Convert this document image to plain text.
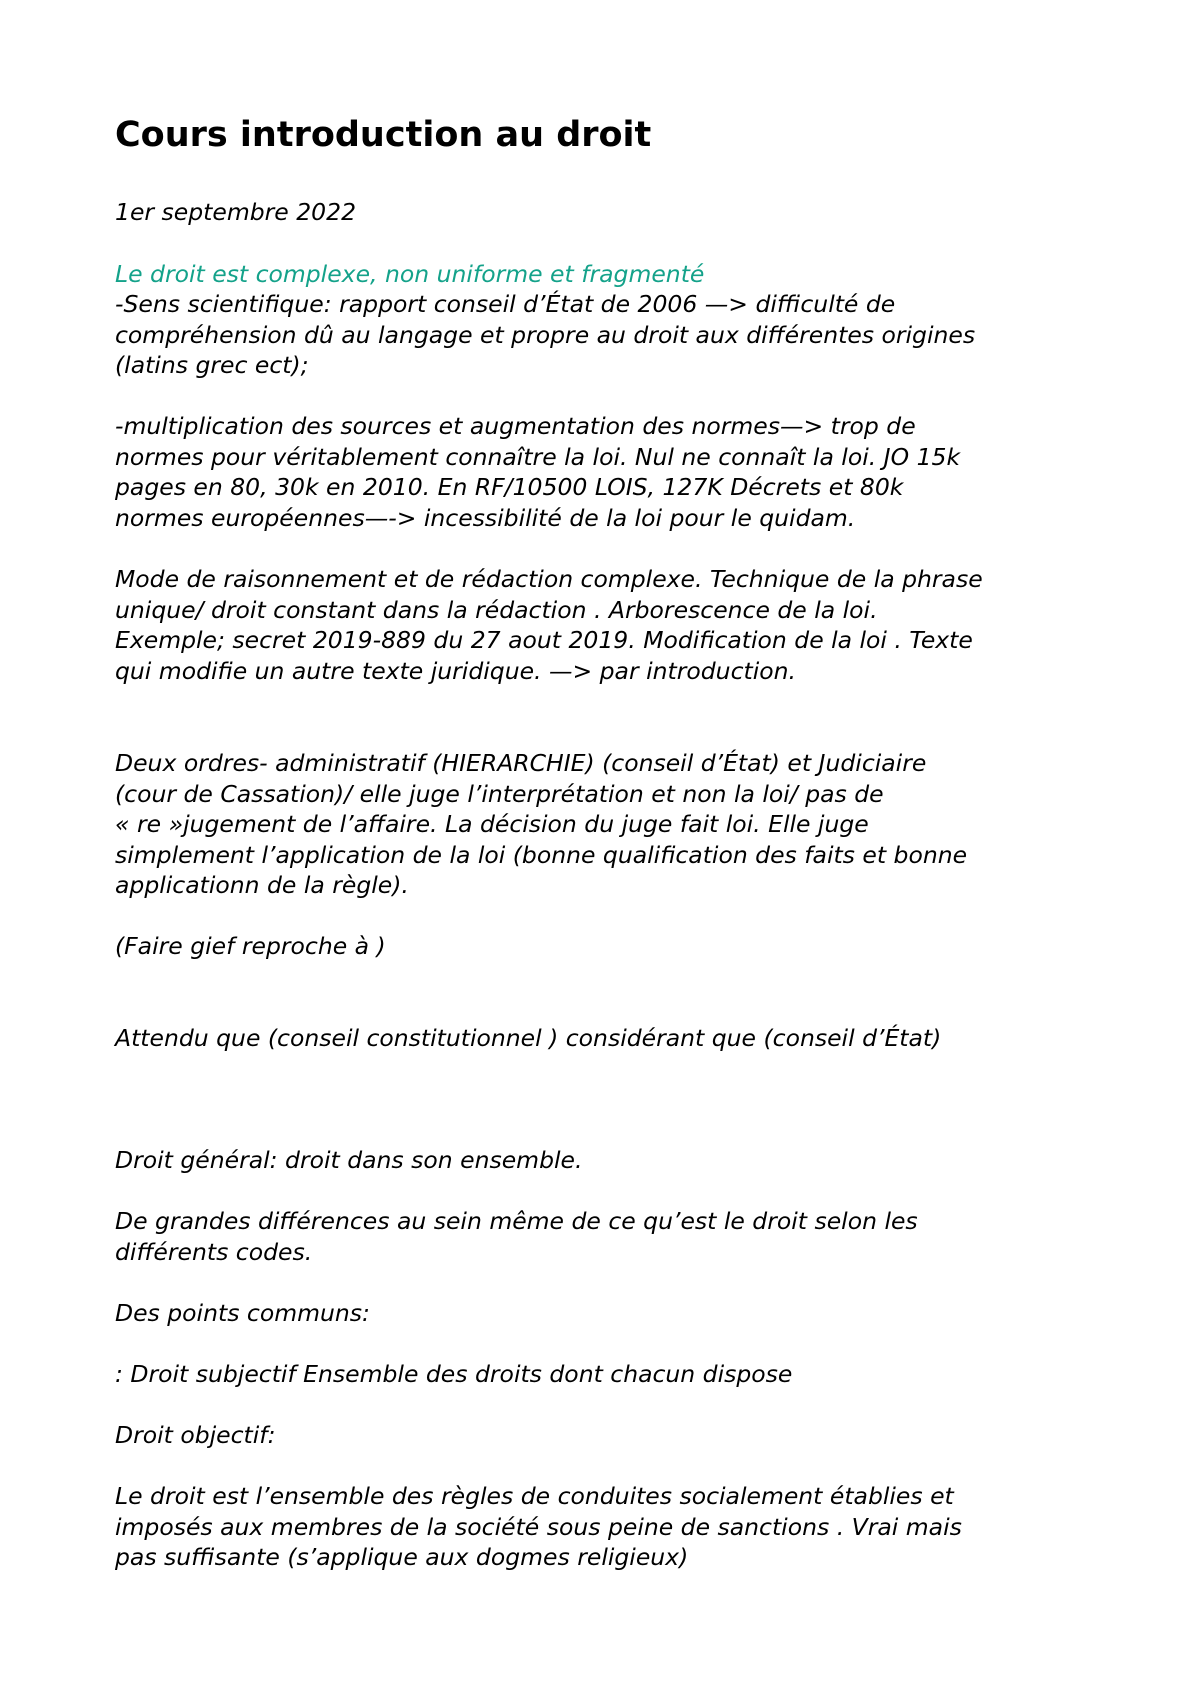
Cours introduction au droit

1er septembre 2022

Le droit est complexe, non uniforme et fragmenté

-Sens scientifique: rapport conseil d’État de 2006 —> difficulté de
compréhension dû au langage et propre au droit aux différentes origines
(latins grec ect);

-multiplication des sources et augmentation des normes—> trop de
normes pour véritablement connaître la loi. Nul ne connaît la loi. JO 15k
pages en 80, 30k en 2010. En RF/10500 LOIS, 127K Décrets et 80k
normes européennes—-> incessibilité de la loi pour le quidam.

Mode de raisonnement et de rédaction complexe. Technique de la phrase
unique/ droit constant dans la rédaction . Arborescence de la loi.
Exemple; secret 2019-889 du 27 aout 2019. Modification de la loi . Texte
qui modifie un autre texte juridique. —> par introduction.

Deux ordres- administratif (HIERARCHIE) (conseil d’État) et Judiciaire
(cour de Cassation)/ elle juge l’interprétation et non la loi/ pas de
« re »jugement de l’affaire. La décision du juge fait loi. Elle juge
simplement l’application de la loi (bonne qualification des faits et bonne
applicationn de la règle).

(Faire gief reproche à )

Attendu que (conseil constitutionnel ) considérant que (conseil d’État)

Droit général: droit dans son ensemble.

De grandes différences au sein même de ce qu’est le droit selon les
différents codes.

Des points communs:

: Droit subjectif Ensemble des droits dont chacun dispose

Droit objectif:

Le droit est l’ensemble des règles de conduites socialement établies et
imposés aux membres de la société sous peine de sanctions . Vrai mais
pas suffisante (s’applique aux dogmes religieux)
